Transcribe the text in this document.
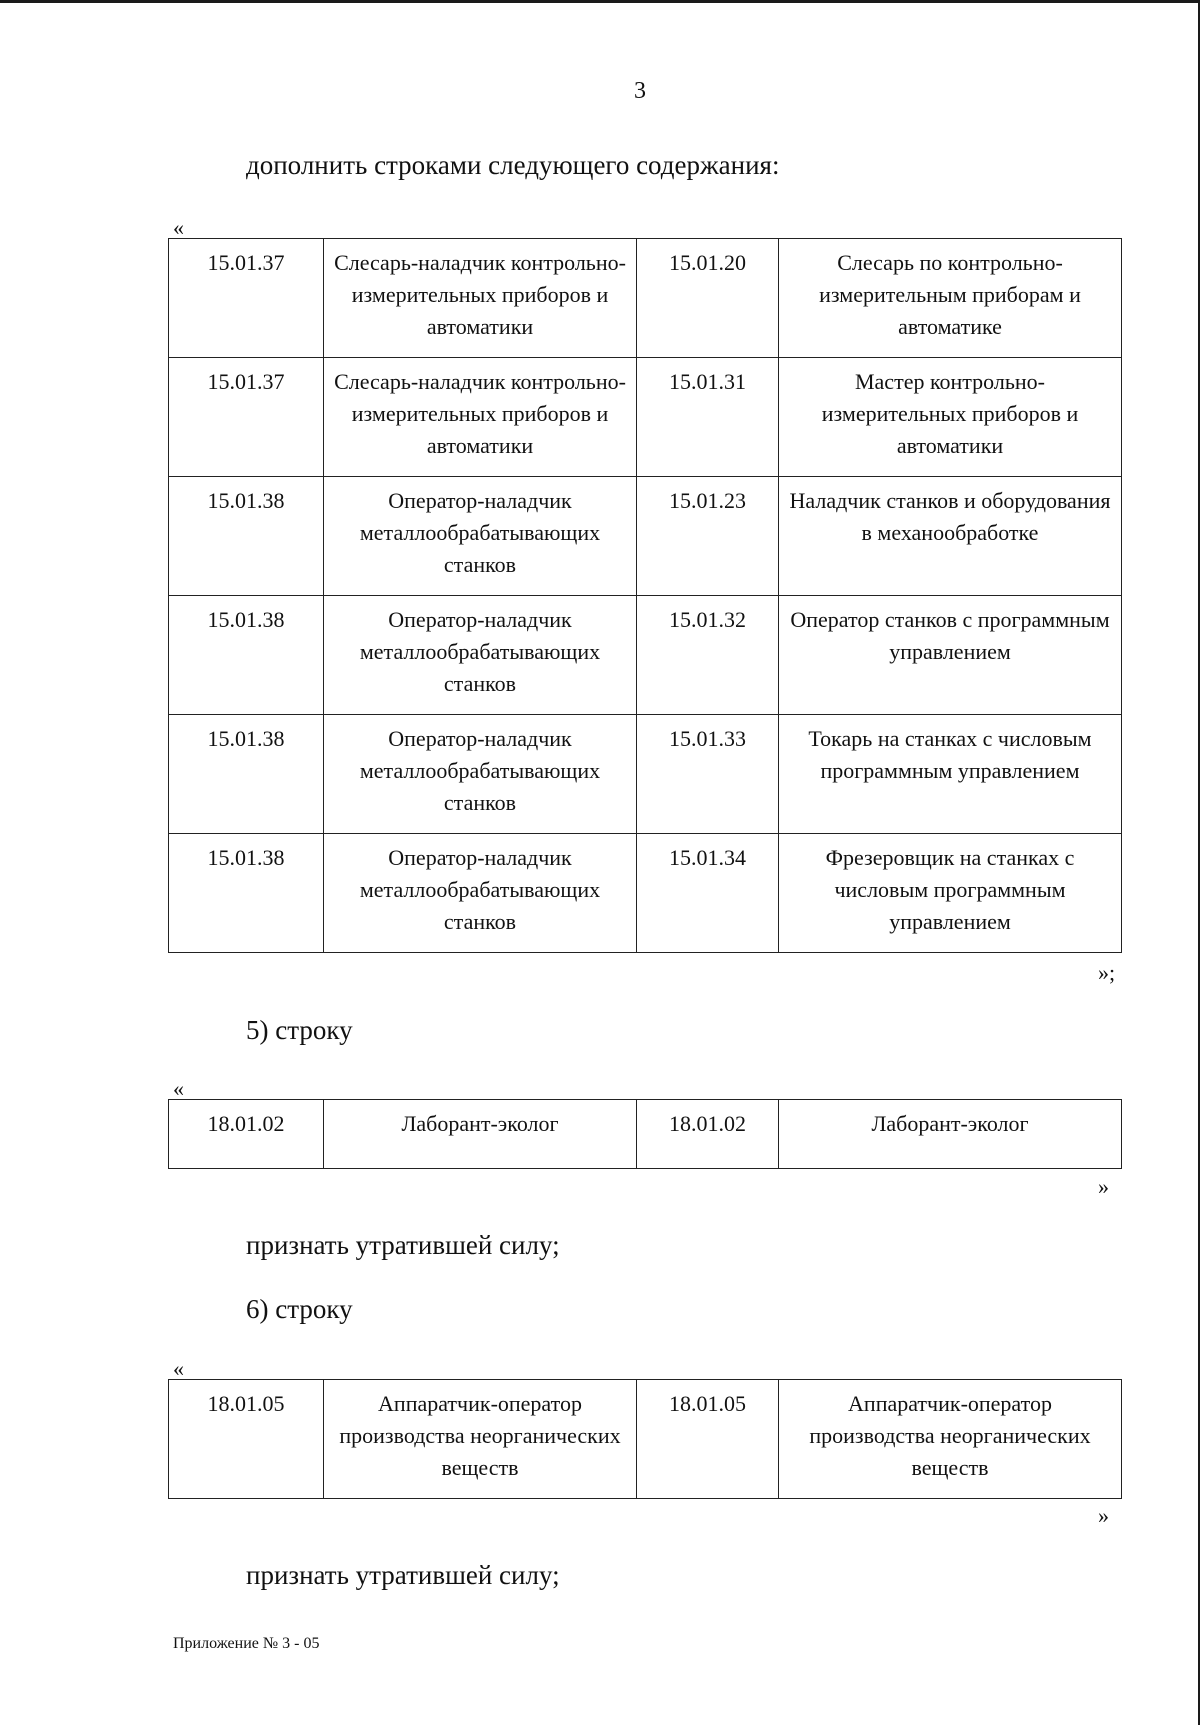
3
дополнить строками следующего содержания:
«
15.01.37	Слесарь-наладчик контрольно-измерительных приборов и автоматики	15.01.20	Слесарь по контрольно-измерительным приборам и автоматике
15.01.37	Слесарь-наладчик контрольно-измерительных приборов и автоматики	15.01.31	Мастер контрольно-измерительных приборов и автоматики
15.01.38	Оператор-наладчик металлообрабатывающих станков	15.01.23	Наладчик станков и оборудования в механообработке
15.01.38	Оператор-наладчик металлообрабатывающих станков	15.01.32	Оператор станков с программным управлением
15.01.38	Оператор-наладчик металлообрабатывающих станков	15.01.33	Токарь на станках с числовым программным управлением
15.01.38	Оператор-наладчик металлообрабатывающих станков	15.01.34	Фрезеровщик на станках с числовым программным управлением
»;
5) строку
«
18.01.02	Лаборант-эколог	18.01.02	Лаборант-эколог
»
признать утратившей силу;
6) строку
«
18.01.05	Аппаратчик-оператор производства неорганических веществ	18.01.05	Аппаратчик-оператор производства неорганических веществ
»
признать утратившей силу;
Приложение № 3 - 05
